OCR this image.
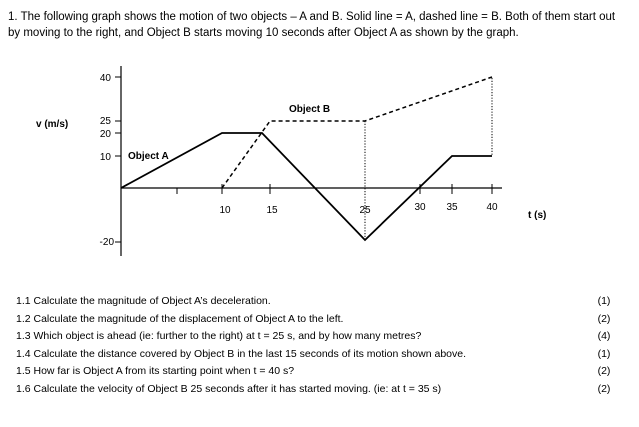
1. The following graph shows the motion of two objects – A and B. Solid line = A, dashed line = B. Both of them start out by moving to the right, and Object B starts moving 10 seconds after Object A as shown by the graph.
40
25
20
10
-20
v (m/s)
t (s)
10	15	25	30 35	40
Object A
Object B
1.1 Calculate the magnitude of Object A’s deceleration.	(1)
1.2 Calculate the magnitude of the displacement of Object A to the left.	(2)
1.3 Which object is ahead (ie: further to the right) at t = 25 s, and by how many metres?	(4)
1.4 Calculate the distance covered by Object B in the last 15 seconds of its motion shown above.	(1)
1.5 How far is Object A from its starting point when t = 40 s?	(2)
1.6 Calculate the velocity of Object B 25 seconds after it has started moving. (ie: at t = 35 s)	(2)
